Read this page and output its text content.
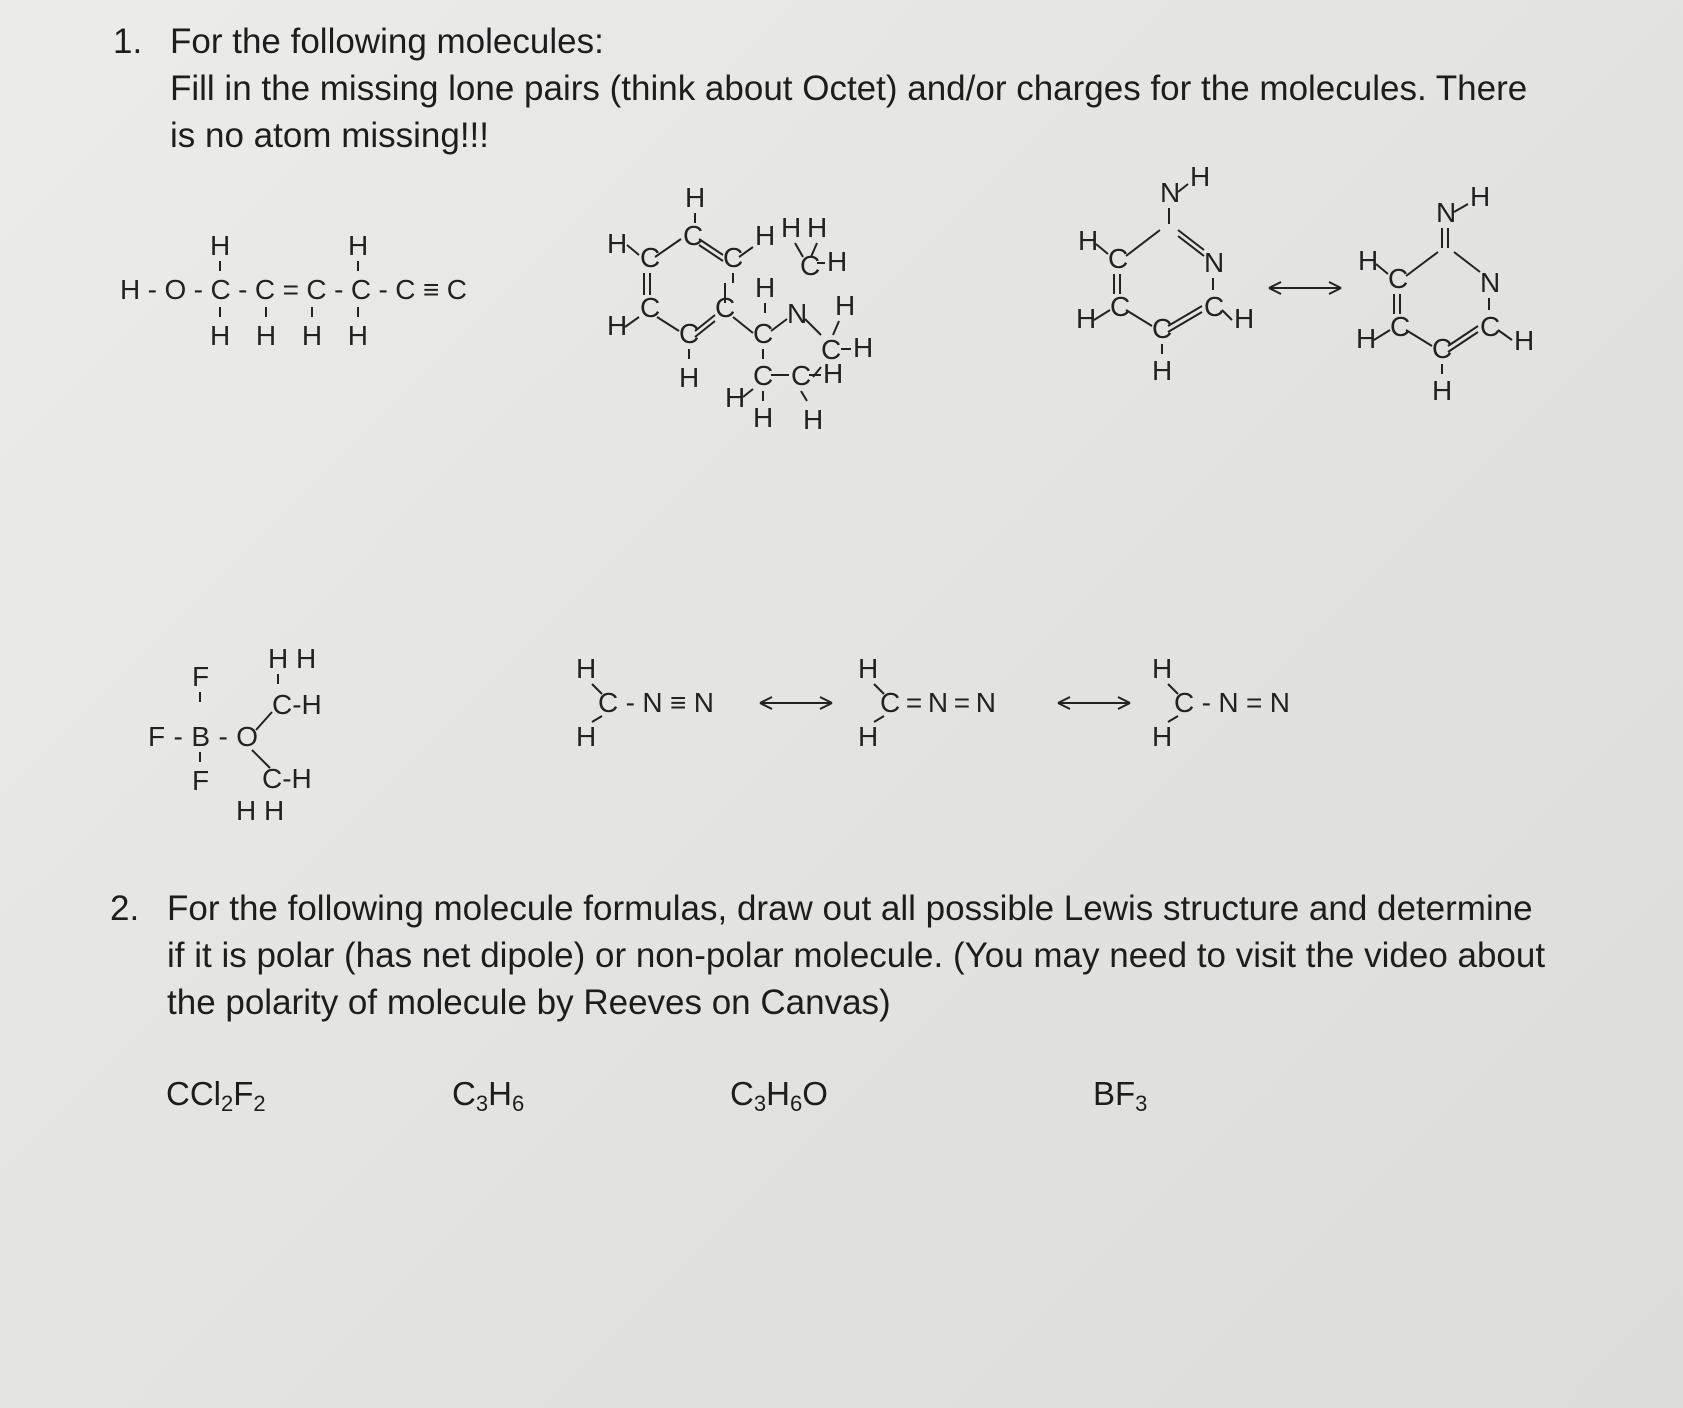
1. For the following molecules:
Fill in the missing lone pairs (think about Octet) and/or charges for the molecules. There
is no atom missing!!!
H	H
H-O-C-C=C-C-C≡C
H H H H
H
C
H C C
H H H
C H
H
C
H C
C
C
N H
C H
H C C H
H
H H
N
H
H
C	N
C	C
H C H
H
N
H
H
C	N
C C
H C H
H
H H
F
C-H
F-B-O
F C-H
H H
H
C-N≡N
H
H
C=N=N
H
H
C-N=N
H
2. For the following molecule formulas, draw out all possible Lewis structure and determine
if it is polar (has net dipole) or non-polar molecule. (You may need to visit the video about
the polarity of molecule by Reeves on Canvas)
$CCl_2F_2$	$C_3H_6$	$C_3H_6O$	$BF_3$
